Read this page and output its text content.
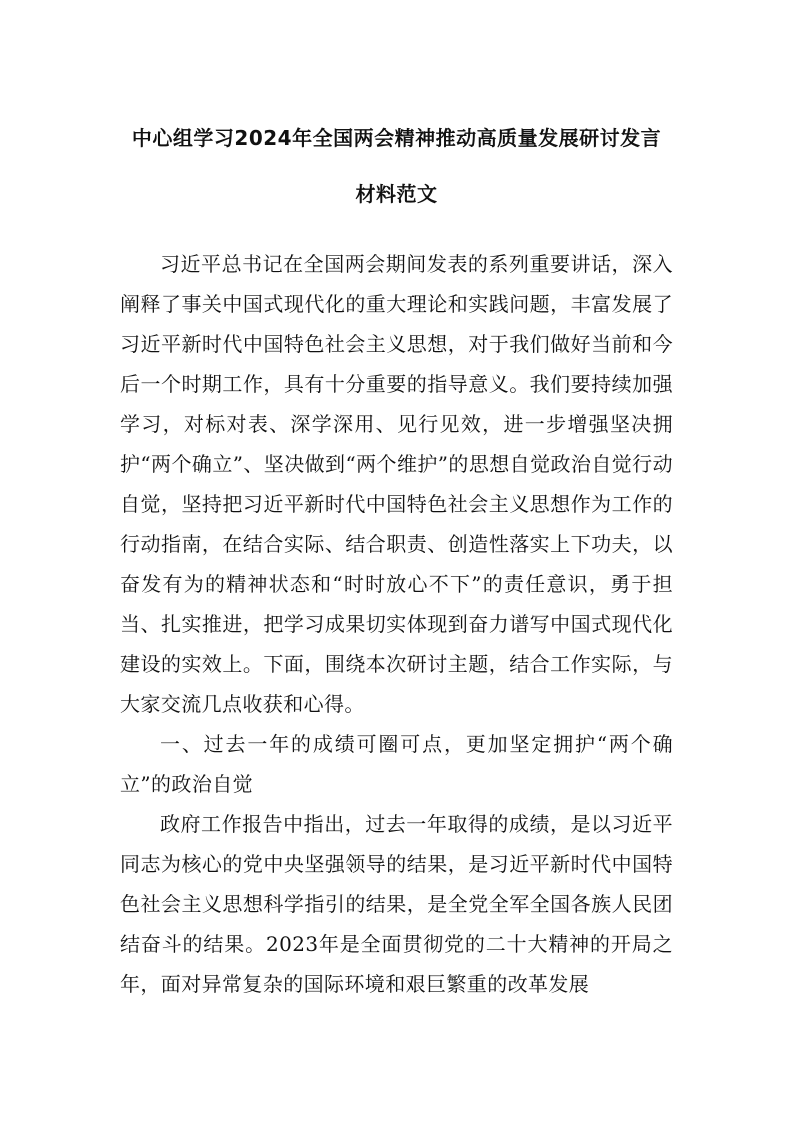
中心组学习2024年全国两会精神推动高质量发展研讨发言
材料范文

习近平总书记在全国两会期间发表的系列重要讲话，深入阐释了事关中国式现代化的重大理论和实践问题，丰富发展了习近平新时代中国特色社会主义思想，对于我们做好当前和今后一个时期工作，具有十分重要的指导意义。我们要持续加强学习，对标对表、深学深用、见行见效，进一步增强坚决拥护“两个确立”、坚决做到“两个维护”的思想自觉政治自觉行动自觉，坚持把习近平新时代中国特色社会主义思想作为工作的行动指南，在结合实际、结合职责、创造性落实上下功夫，以奋发有为的精神状态和“时时放心不下”的责任意识，勇于担当、扎实推进，把学习成果切实体现到奋力谱写中国式现代化建设的实效上。下面，围绕本次研讨主题，结合工作实际，与大家交流几点收获和心得。

一、过去一年的成绩可圈可点，更加坚定拥护“两个确立”的政治自觉

政府工作报告中指出，过去一年取得的成绩，是以习近平同志为核心的党中央坚强领导的结果，是习近平新时代中国特色社会主义思想科学指引的结果，是全党全军全国各族人民团结奋斗的结果。2023年是全面贯彻党的二十大精神的开局之年，面对异常复杂的国际环境和艰巨繁重的改革发展
